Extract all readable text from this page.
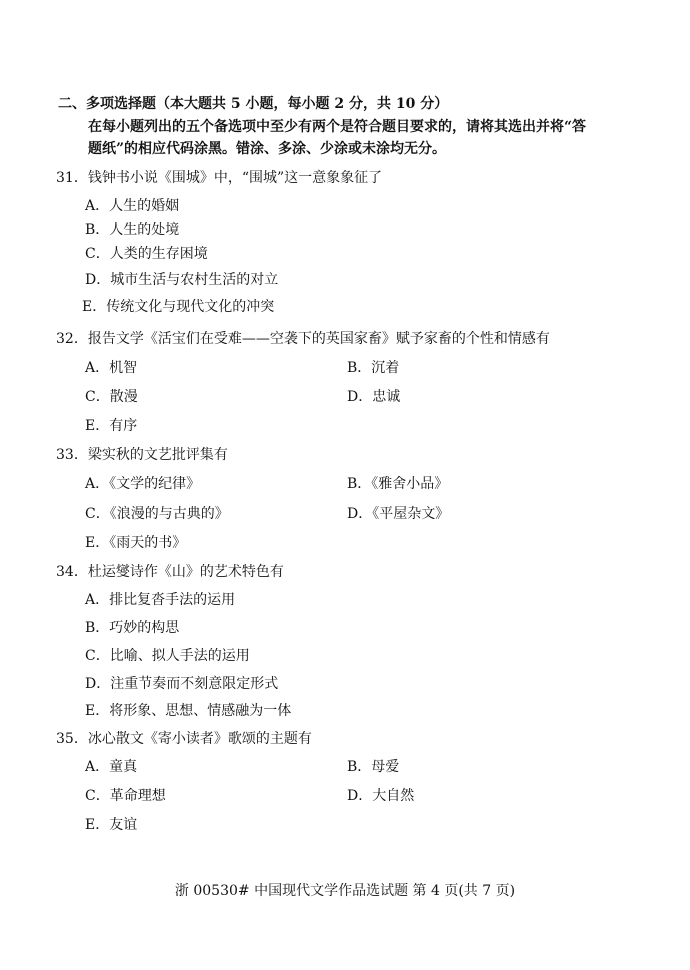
二、多项选择题（本大题共 5 小题，每小题 2 分，共 10 分）
在每小题列出的五个备选项中至少有两个是符合题目要求的，请将其选出并将“答
题纸”的相应代码涂黑。错涂、多涂、少涂或未涂均无分。
31．钱钟书小说《围城》中，“围城”这一意象象征了
A．人生的婚姻
B．人生的处境
C．人类的生存困境
D．城市生活与农村生活的对立
E．传统文化与现代文化的冲突
32．报告文学《活宝们在受难——空袭下的英国家畜》赋予家畜的个性和情感有
A．机智	B．沉着
C．散漫	D．忠诚
E．有序
33．梁实秋的文艺批评集有
A．《文学的纪律》	B．《雅舍小品》
C．《浪漫的与古典的》	D．《平屋杂文》
E．《雨天的书》
34．杜运燮诗作《山》的艺术特色有
A．排比复沓手法的运用
B．巧妙的构思
C．比喻、拟人手法的运用
D．注重节奏而不刻意限定形式
E．将形象、思想、情感融为一体
35．冰心散文《寄小读者》歌颂的主题有
A．童真	B．母爱
C．革命理想	D．大自然
E．友谊
浙 00530# 中国现代文学作品选试题 第 4 页(共 7 页)
